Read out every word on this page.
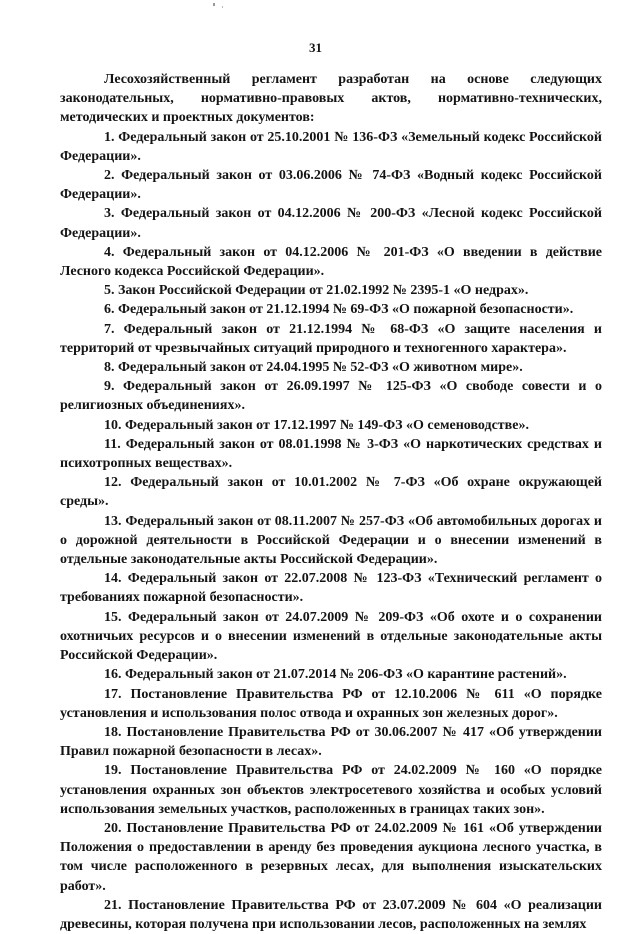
31

Лесохозяйственный регламент разработан на основе следующих законодательных, нормативно-правовых актов, нормативно-технических, методических и проектных документов:

1. Федеральный закон от 25.10.2001 № 136-ФЗ «Земельный кодекс Российской Федерации».

2. Федеральный закон от 03.06.2006 № 74-ФЗ «Водный кодекс Российской Федерации».

3. Федеральный закон от 04.12.2006 № 200-ФЗ «Лесной кодекс Российской Федерации».

4. Федеральный закон от 04.12.2006 № 201-ФЗ «О введении в действие Лесного кодекса Российской Федерации».

5. Закон Российской Федерации от 21.02.1992 № 2395-1 «О недрах».

6. Федеральный закон от 21.12.1994 № 69-ФЗ «О пожарной безопасности».

7. Федеральный закон от 21.12.1994 № 68-ФЗ «О защите населения и территорий от чрезвычайных ситуаций природного и техногенного характера».

8. Федеральный закон от 24.04.1995 № 52-ФЗ «О животном мире».

9. Федеральный закон от 26.09.1997 № 125-ФЗ «О свободе совести и о религиозных объединениях».

10. Федеральный закон от 17.12.1997 № 149-ФЗ «О семеноводстве».

11. Федеральный закон от 08.01.1998 № 3-ФЗ «О наркотических средствах и психотропных веществах».

12. Федеральный закон от 10.01.2002 № 7-ФЗ «Об охране окружающей среды».

13. Федеральный закон от 08.11.2007 № 257-ФЗ «Об автомобильных дорогах и о дорожной деятельности в Российской Федерации и о внесении изменений в отдельные законодательные акты Российской Федерации».

14. Федеральный закон от 22.07.2008 № 123-ФЗ «Технический регламент о требованиях пожарной безопасности».

15. Федеральный закон от 24.07.2009 № 209-ФЗ «Об охоте и о сохранении охотничьих ресурсов и о внесении изменений в отдельные законодательные акты Российской Федерации».

16. Федеральный закон от 21.07.2014 № 206-ФЗ «О карантине растений».

17. Постановление Правительства РФ от 12.10.2006 № 611 «О порядке установления и использования полос отвода и охранных зон железных дорог».

18. Постановление Правительства РФ от 30.06.2007 № 417 «Об утверждении Правил пожарной безопасности в лесах».

19. Постановление Правительства РФ от 24.02.2009 № 160 «О порядке установления охранных зон объектов электросетевого хозяйства и особых условий использования земельных участков, расположенных в границах таких зон».

20. Постановление Правительства РФ от 24.02.2009 № 161 «Об утверждении Положения о предоставлении в аренду без проведения аукциона лесного участка, в том числе расположенного в резервных лесах, для выполнения изыскательских работ».

21. Постановление Правительства РФ от 23.07.2009 № 604 «О реализации древесины, которая получена при использовании лесов, расположенных на землях
